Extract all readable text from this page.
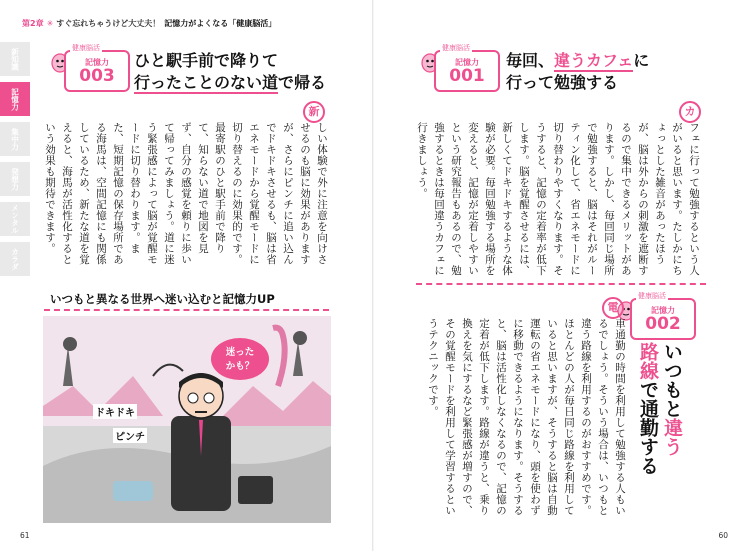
第2章 ✳ すぐ忘れちゃうけど大丈夫！ 記憶力がよくなる「健康脳活」
新知識
記憶力
集中力
発想力
メンタル
カラダ
健康脳活
記憶力
003
ひと駅手前で降りて
行ったことのない道で帰る
新
しい体験で外に注意を向けさせるのも脳に効果がありますが、さらにピンチに追い込んでドキドキさせるも、脳は省エネモードから覚醒モードに切り替えるのに効果的です。最寄駅のひと駅手前で降りて、知らない道で地図を見ず、自分の感覚を頼りに歩いて帰ってみましょう。道に迷う緊張感によって脳が覚醒モードに切り替わります。また、短期記憶の保存場所である海馬は、空間記憶にも関係しているため、新たな道を覚えると、海馬が活性化するという効果も期待できます。
いつもと異なる世界へ迷い込むと記憶力UP
迷った
かも？
ドキドキ
ピンチ
61
健康脳活
記憶力
001
毎回、違うカフェに
行って勉強する
カ
フェに行って勉強するという人がいると思います。たしかにちょっとした雑音があったほうが、脳は外からの刺激を遮断するので集中できるメリットがあります。しかし、毎回同じ場所で勉強すると、脳はそれがルーティン化して、省エネモードに切り替わりやすくなります。そうすると、記憶の定着率が低下します。脳を覚醒させるには、新しくてドキドキするような体験が必要。毎回勉強する場所を変えると、記憶が定着しやすいという研究報告もあるので、勉強するときは毎回違うカフェに行きましょう。
健康脳活
記憶力
002
いつもと違う
路線で通勤する
電
車通勤の時間を利用して勉強する人もいるでしょう。そういう場合は、いつもと違う路線を利用するのがおすすめです。ほとんどの人が毎日同じ路線を利用していると思いますが、そうすると脳は自動運転の省エネモードになり、頭を使わずに移動できるようになります。そうすると、脳は活性化しなくなるので、記憶の定着が低下します。路線が違うと、乗り換えを気にするなど緊張感が増すので、その覚醒モードを利用して学習するというテクニックです。
60
